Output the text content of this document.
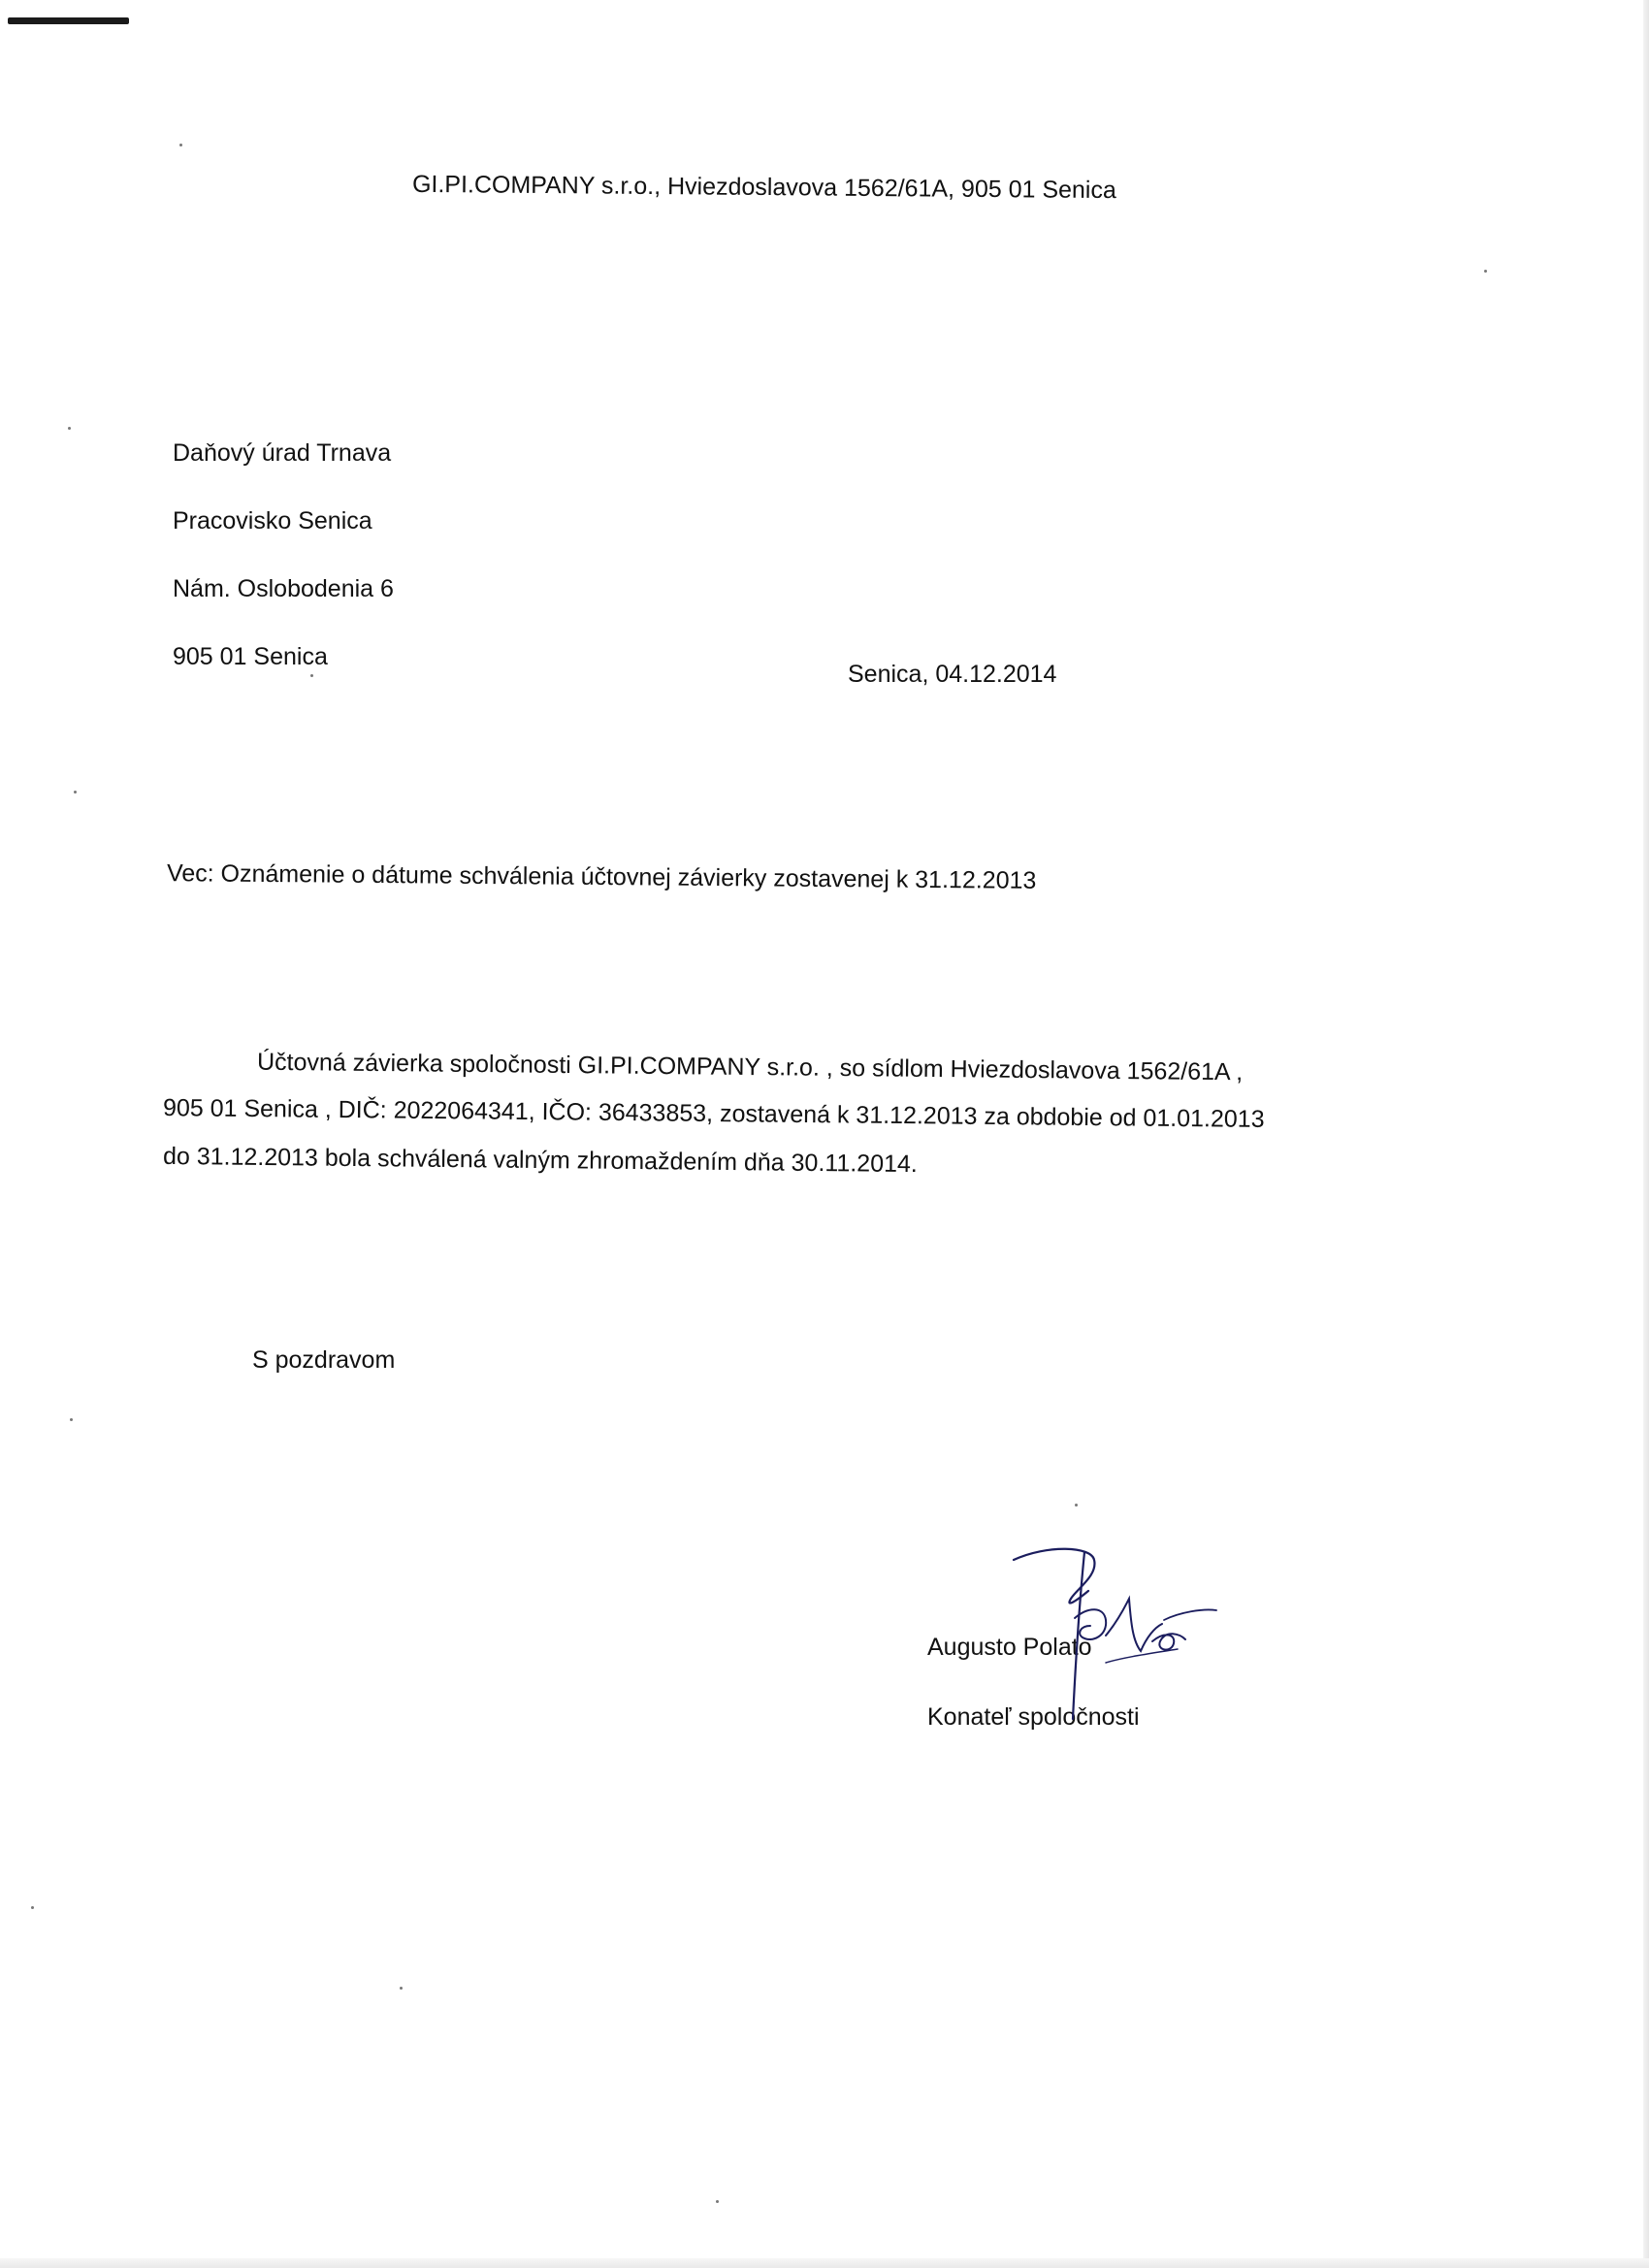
GI.PI.COMPANY s.r.o., Hviezdoslavova 1562/61A, 905 01 Senica
Daňový úrad Trnava
Pracovisko Senica
Nám. Oslobodenia 6
905 01 Senica
Senica, 04.12.2014
Vec: Oznámenie o dátume schválenia účtovnej závierky zostavenej k 31.12.2013
Účtovná závierka spoločnosti GI.PI.COMPANY s.r.o. , so sídlom Hviezdoslavova 1562/61A ,
905 01 Senica , DIČ: 2022064341, IČO: 36433853, zostavená k 31.12.2013 za obdobie od 01.01.2013
do 31.12.2013 bola schválená valným zhromaždením dňa 30.11.2014.
S pozdravom
Augusto Polato
Konateľ spoločnosti
